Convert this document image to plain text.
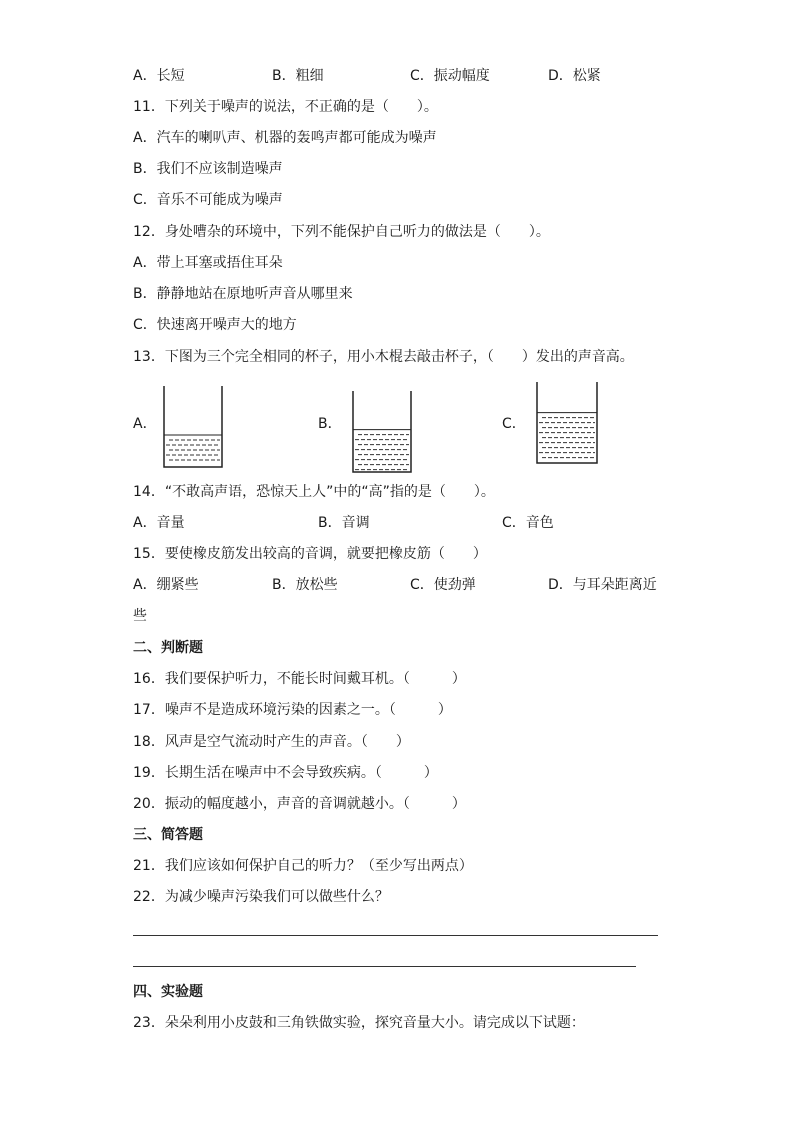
A．长短	B．粗细	C．振动幅度	D．松紧
11．下列关于噪声的说法，不正确的是（　　）。
A．汽车的喇叭声、机器的轰鸣声都可能成为噪声
B．我们不应该制造噪声
C．音乐不可能成为噪声
12．身处嘈杂的环境中，下列不能保护自己听力的做法是（　　）。
A．带上耳塞或捂住耳朵
B．静静地站在原地听声音从哪里来
C．快速离开噪声大的地方
13．下图为三个完全相同的杯子，用小木棍去敲击杯子，（　　）发出的声音高。
A．	B．	C．
14．“不敢高声语，恐惊天上人”中的“高”指的是（　　）。
A．音量	B．音调	C．音色
15．要使橡皮筋发出较高的音调，就要把橡皮筋（　　）
A．绷紧些	B．放松些	C．使劲弹	D．与耳朵距离近
些
二、判断题
16．我们要保护听力，不能长时间戴耳机。（　　　）
17．噪声不是造成环境污染的因素之一。（　　　）
18．风声是空气流动时产生的声音。（　　）
19．长期生活在噪声中不会导致疾病。（　　　）
20．振动的幅度越小，声音的音调就越小。（　　　）
三、简答题
21．我们应该如何保护自己的听力？（至少写出两点）
22．为减少噪声污染我们可以做些什么？
四、实验题
23．朵朵利用小皮鼓和三角铁做实验，探究音量大小。请完成以下试题：
